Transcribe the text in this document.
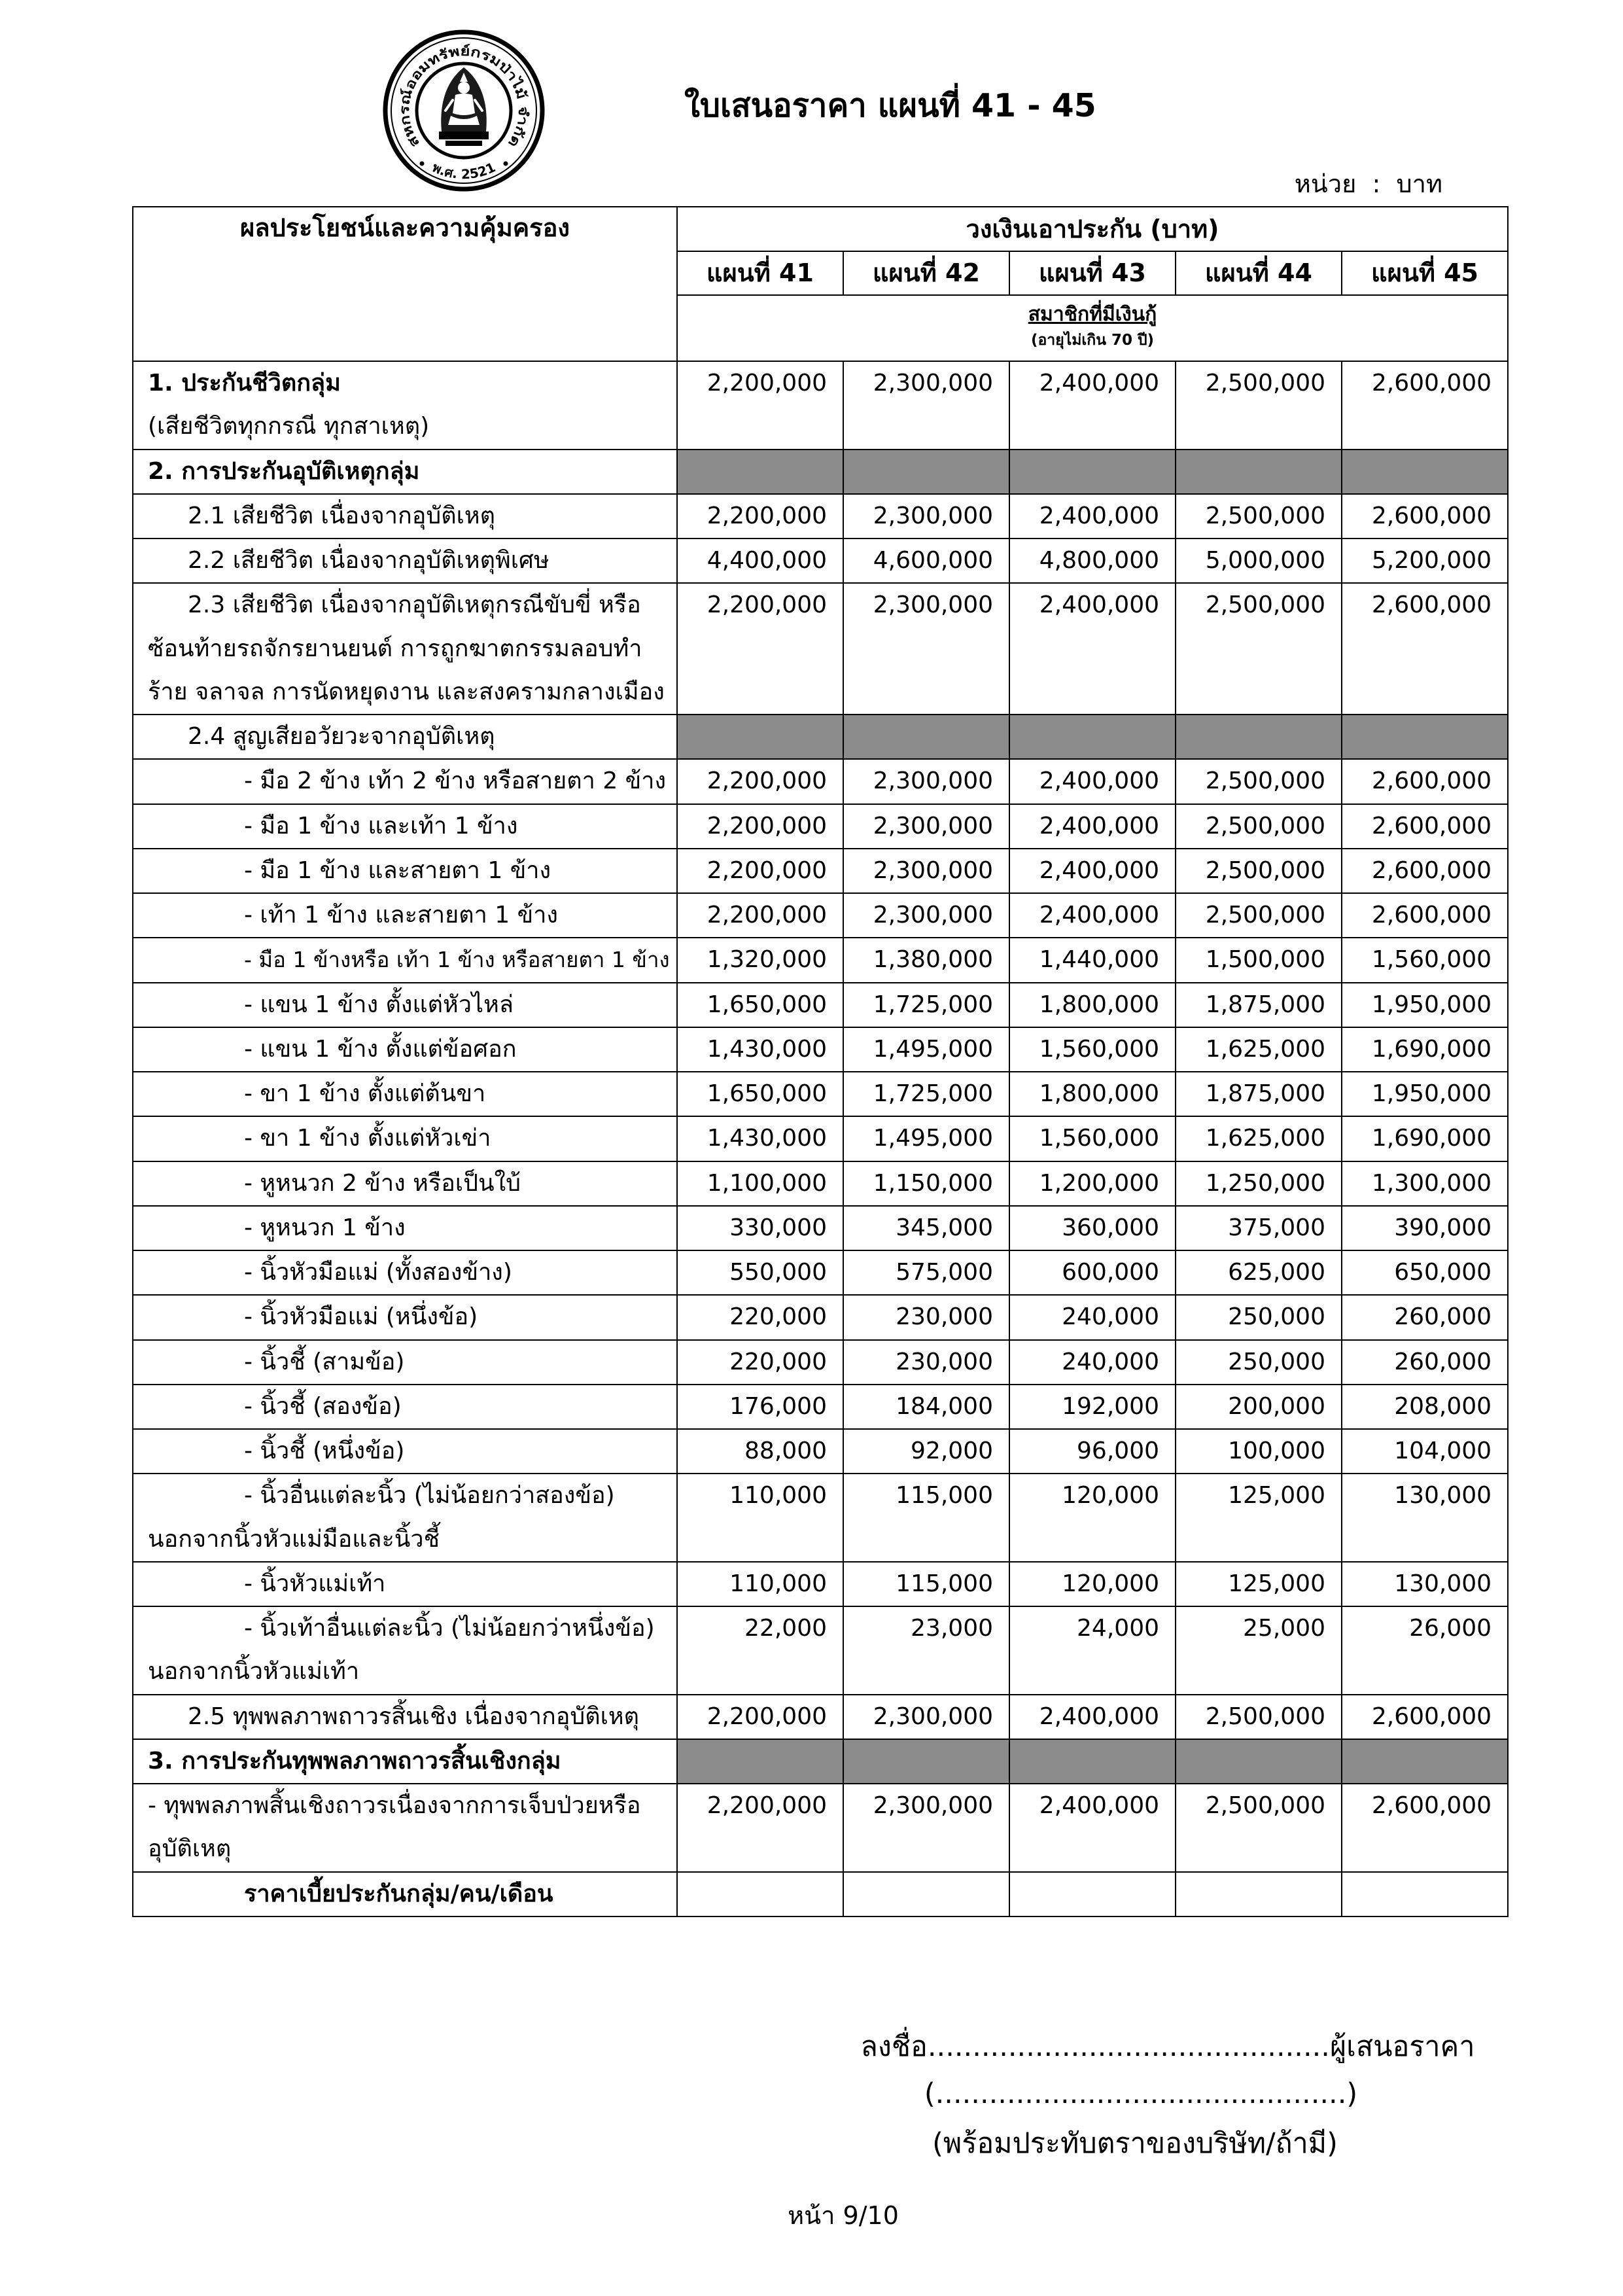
สหกรณ์ออมทรัพย์กรมป่าไม้ จำกัด
พ.ศ. 2521
ใบเสนอราคา แผนที่ 41 - 45
หน่วย  :  บาท
ผลประโยชน์และความคุ้มครอง	วงเงินเอาประกัน (บาท)				

	แผนที่ 41	แผนที่ 42	แผนที่ 43	แผนที่ 44	แผนที่ 45

	สมาชิกที่มีเงินกู้
(อายุไม่เกิน 70 ปี)				

1. ประกันชีวิตกลุ่ม
(เสียชีวิตทุกกรณี ทุกสาเหตุ)	2,200,000	2,300,000	2,400,000	2,500,000	2,600,000

2. การประกันอุบัติเหตุกลุ่ม					

2.1 เสียชีวิต เนื่องจากอุบัติเหตุ	2,200,000	2,300,000	2,400,000	2,500,000	2,600,000

2.2 เสียชีวิต เนื่องจากอุบัติเหตุพิเศษ	4,400,000	4,600,000	4,800,000	5,000,000	5,200,000

2.3 เสียชีวิต เนื่องจากอุบัติเหตุกรณีขับขี่ หรือ
ซ้อนท้ายรถจักรยานยนต์ การถูกฆาตกรรมลอบทำ
ร้าย จลาจล การนัดหยุดงาน และสงครามกลางเมือง	2,200,000	2,300,000	2,400,000	2,500,000	2,600,000

2.4 สูญเสียอวัยวะจากอุบัติเหตุ					

- มือ 2 ข้าง เท้า 2 ข้าง หรือสายตา 2 ข้าง	2,200,000	2,300,000	2,400,000	2,500,000	2,600,000

- มือ 1 ข้าง และเท้า 1 ข้าง	2,200,000	2,300,000	2,400,000	2,500,000	2,600,000

- มือ 1 ข้าง และสายตา 1 ข้าง	2,200,000	2,300,000	2,400,000	2,500,000	2,600,000

- เท้า 1 ข้าง และสายตา 1 ข้าง	2,200,000	2,300,000	2,400,000	2,500,000	2,600,000

- มือ 1 ข้างหรือ เท้า 1 ข้าง หรือสายตา 1 ข้าง	1,320,000	1,380,000	1,440,000	1,500,000	1,560,000

- แขน 1 ข้าง ตั้งแต่หัวไหล่	1,650,000	1,725,000	1,800,000	1,875,000	1,950,000

- แขน 1 ข้าง ตั้งแต่ข้อศอก	1,430,000	1,495,000	1,560,000	1,625,000	1,690,000

- ขา 1 ข้าง ตั้งแต่ต้นขา	1,650,000	1,725,000	1,800,000	1,875,000	1,950,000

- ขา 1 ข้าง ตั้งแต่หัวเข่า	1,430,000	1,495,000	1,560,000	1,625,000	1,690,000

- หูหนวก 2 ข้าง หรือเป็นใบ้	1,100,000	1,150,000	1,200,000	1,250,000	1,300,000

- หูหนวก 1 ข้าง	330,000	345,000	360,000	375,000	390,000

- นิ้วหัวมือแม่ (ทั้งสองข้าง)	550,000	575,000	600,000	625,000	650,000

- นิ้วหัวมือแม่ (หนึ่งข้อ)	220,000	230,000	240,000	250,000	260,000

- นิ้วชี้ (สามข้อ)	220,000	230,000	240,000	250,000	260,000

- นิ้วชี้ (สองข้อ)	176,000	184,000	192,000	200,000	208,000

- นิ้วชี้ (หนึ่งข้อ)	88,000	92,000	96,000	100,000	104,000

- นิ้วอื่นแต่ละนิ้ว (ไม่น้อยกว่าสองข้อ)
นอกจากนิ้วหัวแม่มือและนิ้วชี้	110,000	115,000	120,000	125,000	130,000

- นิ้วหัวแม่เท้า	110,000	115,000	120,000	125,000	130,000

- นิ้วเท้าอื่นแต่ละนิ้ว (ไม่น้อยกว่าหนึ่งข้อ)
นอกจากนิ้วหัวแม่เท้า	22,000	23,000	24,000	25,000	26,000

2.5 ทุพพลภาพถาวรสิ้นเชิง เนื่องจากอุบัติเหตุ	2,200,000	2,300,000	2,400,000	2,500,000	2,600,000

3. การประกันทุพพลภาพถาวรสิ้นเชิงกลุ่ม					

- ทุพพลภาพสิ้นเชิงถาวรเนื่องจากการเจ็บป่วยหรือ
อุบัติเหตุ	2,200,000	2,300,000	2,400,000	2,500,000	2,600,000

ราคาเบี้ยประกันกลุ่ม/คน/เดือน					

ลงชื่อ.............................................ผู้เสนอราคา
(..............................................)
(พร้อมประทับตราของบริษัท/ถ้ามี)
หน้า 9/10
